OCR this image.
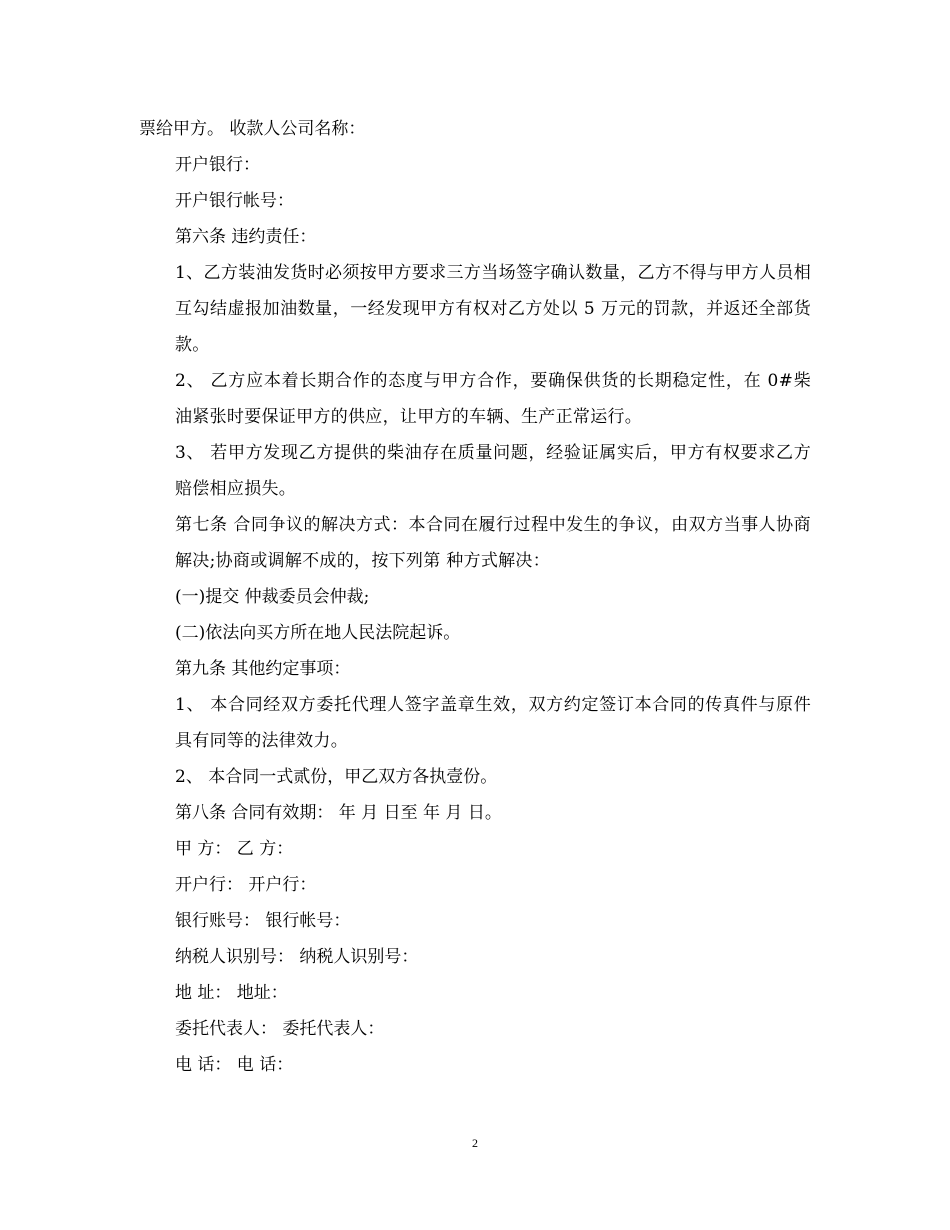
票给甲方。 收款人公司名称：

开户银行：

开户银行帐号：

第六条 违约责任：

1、乙方装油发货时必须按甲方要求三方当场签字确认数量，乙方不得与甲方人员相互勾结虚报加油数量，一经发现甲方有权对乙方处以 5 万元的罚款，并返还全部货款。

2、 乙方应本着长期合作的态度与甲方合作，要确保供货的长期稳定性，在 0#柴油紧张时要保证甲方的供应，让甲方的车辆、生产正常运行。

3、 若甲方发现乙方提供的柴油存在质量问题，经验证属实后，甲方有权要求乙方赔偿相应损失。

第七条 合同争议的解决方式：本合同在履行过程中发生的争议，由双方当事人协商解决;协商或调解不成的，按下列第 种方式解决：

(一)提交 仲裁委员会仲裁;

(二)依法向买方所在地人民法院起诉。

第九条 其他约定事项：

1、 本合同经双方委托代理人签字盖章生效，双方约定签订本合同的传真件与原件具有同等的法律效力。

2、 本合同一式贰份，甲乙双方各执壹份。

第八条 合同有效期： 年 月 日至 年 月 日。

甲 方： 乙 方：

开户行： 开户行：

银行账号： 银行帐号：

纳税人识别号： 纳税人识别号：

地 址： 地址：

委托代表人： 委托代表人：

电 话： 电 话：

2
